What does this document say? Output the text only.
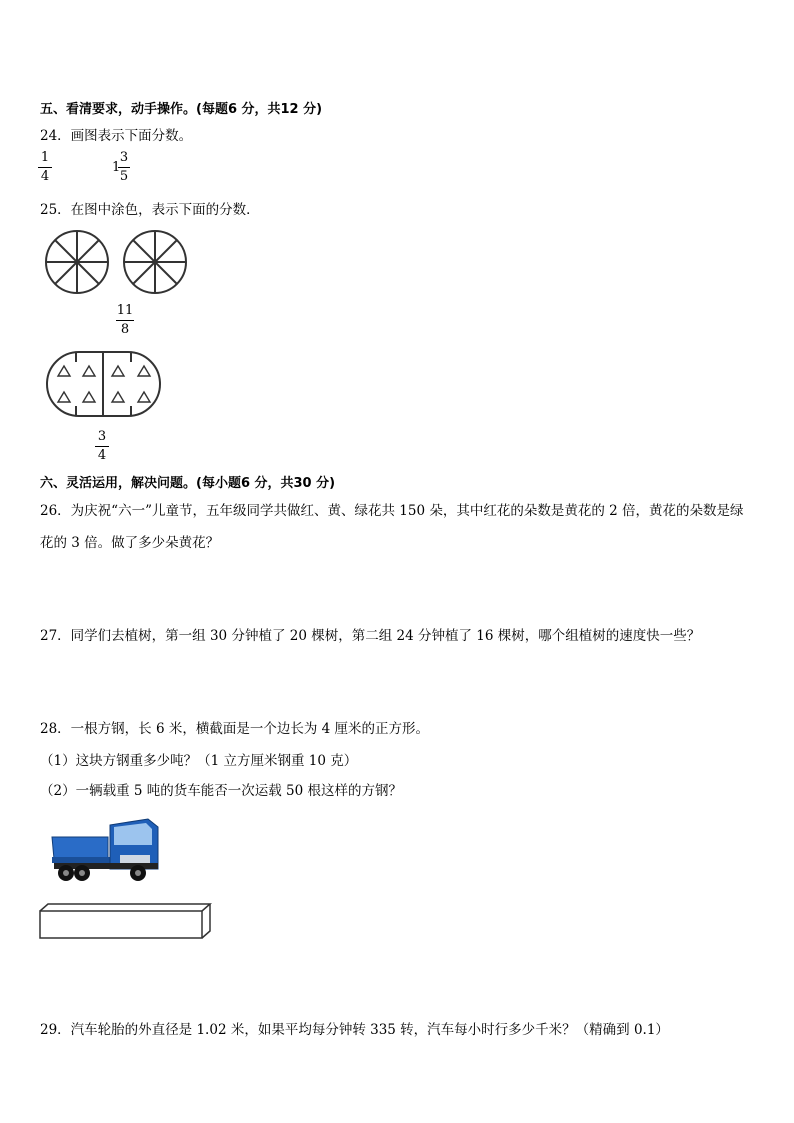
五、看清要求，动手操作。(每题6 分，共12 分)
24．画图表示下面分数。
1
4
1
3
5
25．在图中涂色，表示下面的分数．
11
8
3
4
六、灵活运用，解决问题。(每小题6 分，共30 分)
26．为庆祝“六一”儿童节，五年级同学共做红、黄、绿花共 150 朵，其中红花的朵数是黄花的 2 倍，黄花的朵数是绿
花的 3 倍。做了多少朵黄花？
27．同学们去植树，第一组 30 分钟植了 20 棵树，第二组 24 分钟植了 16 棵树，哪个组植树的速度快一些？
28．一根方钢，长 6 米，横截面是一个边长为 4 厘米的正方形。
（1）这块方钢重多少吨？（1 立方厘米钢重 10 克）
（2）一辆载重 5 吨的货车能否一次运载 50 根这样的方钢？
29．汽车轮胎的外直径是 1.02 米，如果平均每分钟转 335 转，汽车每小时行多少千米？（精确到 0.1）
